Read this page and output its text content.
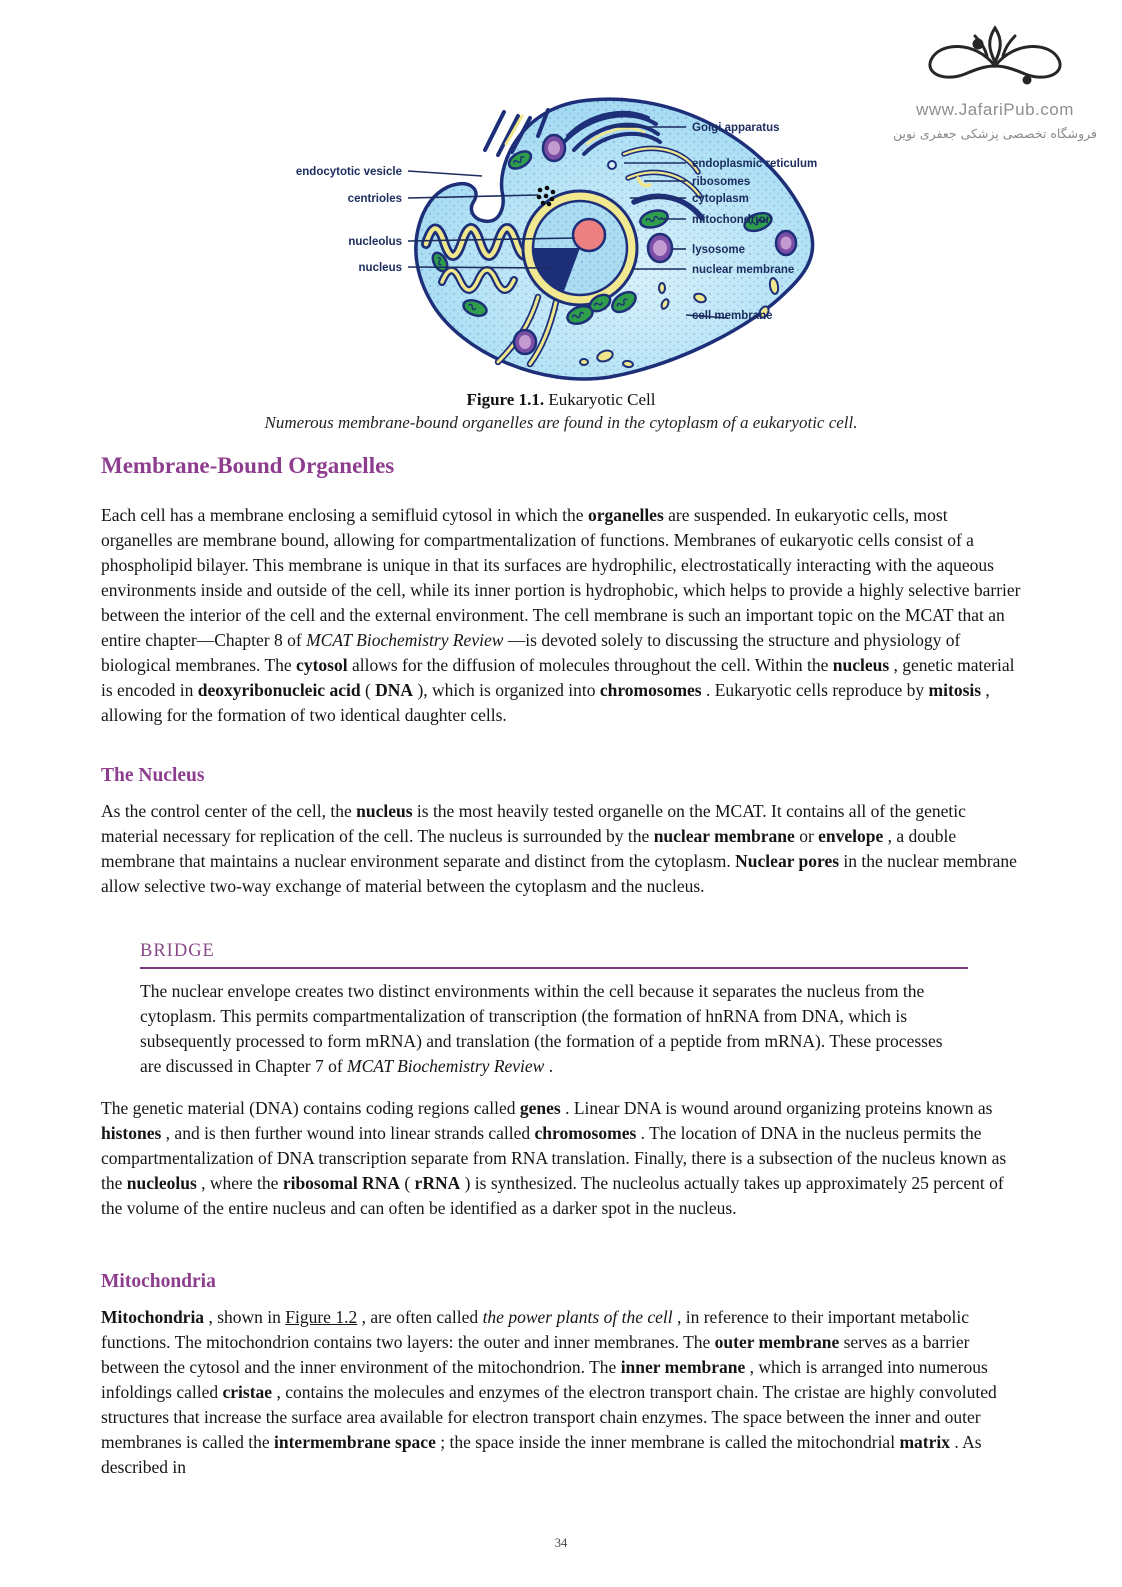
www.JafariPub.com
فروشگاه تخصصی پزشکی جعفری نوین
endocytotic vesicle
centrioles
nucleolus
nucleus
Golgi apparatus
endoplasmic reticulum
ribosomes
cytoplasm
mitochondrion
lysosome
nuclear membrane
cell membrane
Figure 1.1. Eukaryotic Cell
Numerous membrane-bound organelles are found in the cytoplasm of a eukaryotic cell.
Membrane-Bound Organelles

Each cell has a membrane enclosing a semifluid cytosol in which the organelles are suspended. In eukaryotic cells, most organelles are membrane bound, allowing for compartmentalization of functions. Membranes of eukaryotic cells consist of a phospholipid bilayer. This membrane is unique in that its surfaces are hydrophilic, electrostatically interacting with the aqueous environments inside and outside of the cell, while its inner portion is hydrophobic, which helps to provide a highly selective barrier between the interior of the cell and the external environment. The cell membrane is such an important topic on the MCAT that an entire chapter—Chapter 8 of MCAT Biochemistry Review —is devoted solely to discussing the structure and physiology of biological membranes. The cytosol allows for the diffusion of molecules throughout the cell. Within the nucleus , genetic material is encoded in deoxyribonucleic acid ( DNA ), which is organized into chromosomes . Eukaryotic cells reproduce by mitosis , allowing for the formation of two identical daughter cells.

The Nucleus

As the control center of the cell, the nucleus is the most heavily tested organelle on the MCAT. It contains all of the genetic material necessary for replication of the cell. The nucleus is surrounded by the nuclear membrane or envelope , a double membrane that maintains a nuclear environment separate and distinct from the cytoplasm. Nuclear pores in the nuclear membrane allow selective two-way exchange of material between the cytoplasm and the nucleus.

BRIDGE

The nuclear envelope creates two distinct environments within the cell because it separates the nucleus from the cytoplasm. This permits compartmentalization of transcription (the formation of hnRNA from DNA, which is subsequently processed to form mRNA) and translation (the formation of a peptide from mRNA). These processes are discussed in Chapter 7 of MCAT Biochemistry Review .

The genetic material (DNA) contains coding regions called genes . Linear DNA is wound around organizing proteins known as histones , and is then further wound into linear strands called chromosomes . The location of DNA in the nucleus permits the compartmentalization of DNA transcription separate from RNA translation. Finally, there is a subsection of the nucleus known as the nucleolus , where the ribosomal RNA ( rRNA ) is synthesized. The nucleolus actually takes up approximately 25 percent of the volume of the entire nucleus and can often be identified as a darker spot in the nucleus.

Mitochondria

Mitochondria , shown in Figure 1.2 , are often called the power plants of the cell , in reference to their important metabolic functions. The mitochondrion contains two layers: the outer and inner membranes. The outer membrane serves as a barrier between the cytosol and the inner environment of the mitochondrion. The inner membrane , which is arranged into numerous infoldings called cristae , contains the molecules and enzymes of the electron transport chain. The cristae are highly convoluted structures that increase the surface area available for electron transport chain enzymes. The space between the inner and outer membranes is called the intermembrane space ; the space inside the inner membrane is called the mitochondrial matrix . As described in

34
